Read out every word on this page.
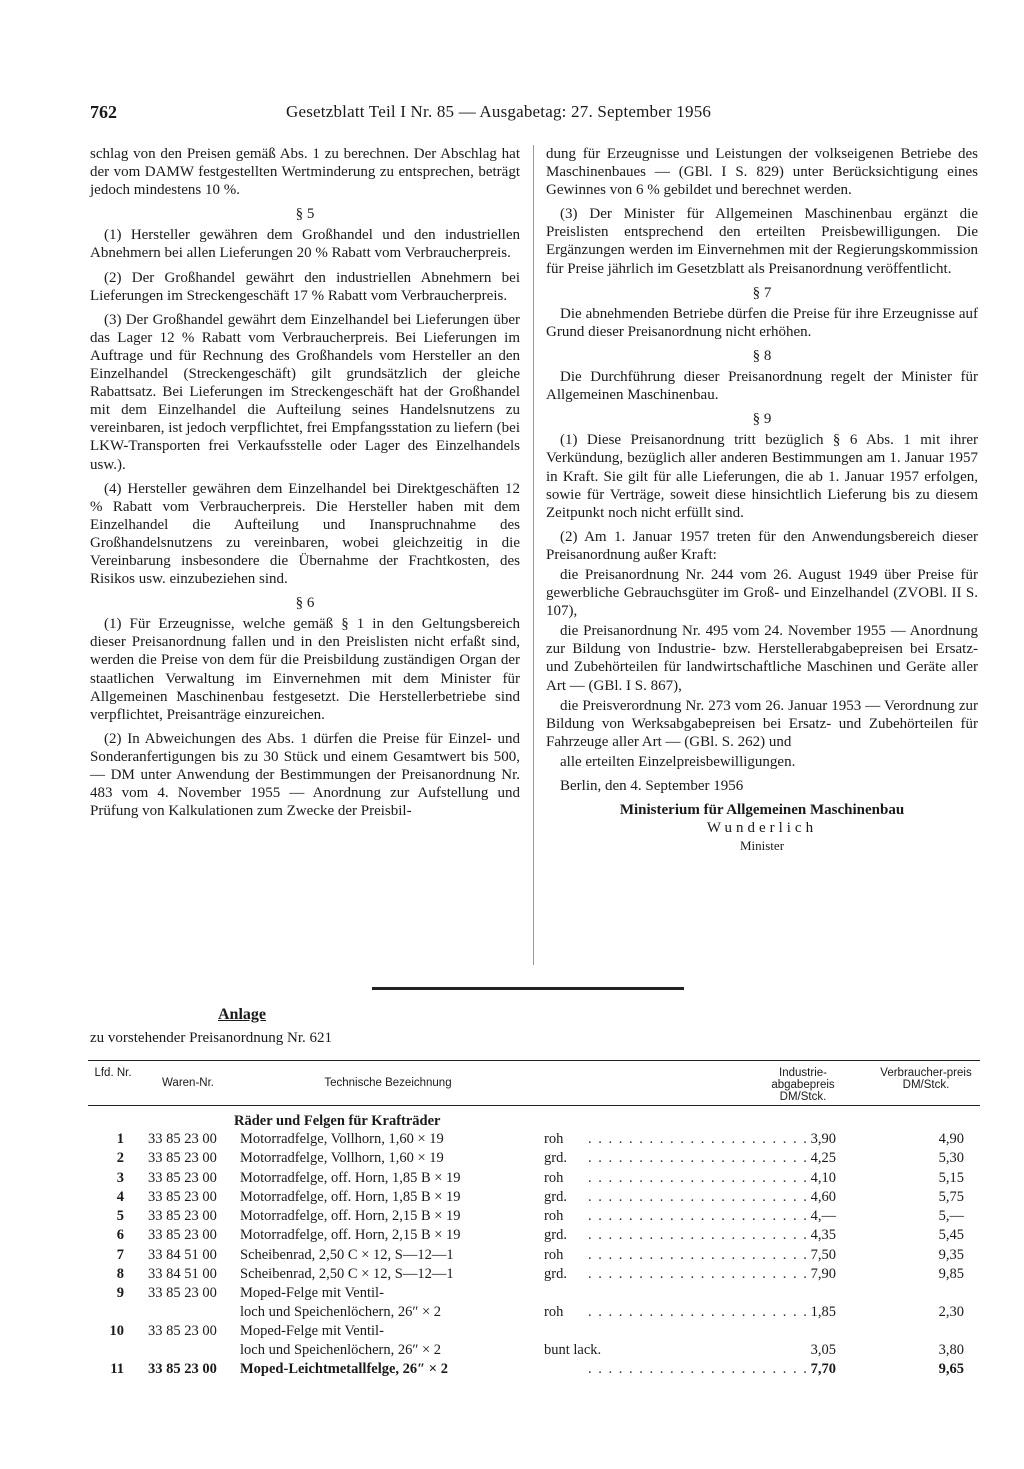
762	Gesetzblatt Teil I Nr. 85 — Ausgabetag: 27. September 1956

schlag von den Preisen gemäß Abs. 1 zu berechnen. Der Abschlag hat der vom DAMW festgestellten Wertminderung zu entsprechen, beträgt jedoch mindestens 10 %.

§ 5

(1) Hersteller gewähren dem Großhandel und den industriellen Abnehmern bei allen Lieferungen 20 % Rabatt vom Verbraucherpreis.

(2) Der Großhandel gewährt den industriellen Abnehmern bei Lieferungen im Streckengeschäft 17 % Rabatt vom Verbraucherpreis.

(3) Der Großhandel gewährt dem Einzelhandel bei Lieferungen über das Lager 12 % Rabatt vom Verbraucherpreis. Bei Lieferungen im Auftrage und für Rechnung des Großhandels vom Hersteller an den Einzelhandel (Streckengeschäft) gilt grundsätzlich der gleiche Rabattsatz. Bei Lieferungen im Streckengeschäft hat der Großhandel mit dem Einzelhandel die Aufteilung seines Handelsnutzens zu vereinbaren, ist jedoch verpflichtet, frei Empfangsstation zu liefern (bei LKW-Transporten frei Verkaufsstelle oder Lager des Einzelhandels usw.).

(4) Hersteller gewähren dem Einzelhandel bei Direktgeschäften 12 % Rabatt vom Verbraucherpreis. Die Hersteller haben mit dem Einzelhandel die Aufteilung und Inanspruchnahme des Großhandelsnutzens zu vereinbaren, wobei gleichzeitig in die Vereinbarung insbesondere die Übernahme der Frachtkosten, des Risikos usw. einzubeziehen sind.

§ 6

(1) Für Erzeugnisse, welche gemäß § 1 in den Geltungsbereich dieser Preisanordnung fallen und in den Preislisten nicht erfaßt sind, werden die Preise von dem für die Preisbildung zuständigen Organ der staatlichen Verwaltung im Einvernehmen mit dem Minister für Allgemeinen Maschinenbau festgesetzt. Die Herstellerbetriebe sind verpflichtet, Preisanträge einzureichen.

(2) In Abweichungen des Abs. 1 dürfen die Preise für Einzel- und Sonderanfertigungen bis zu 30 Stück und einem Gesamtwert bis 500,— DM unter Anwendung der Bestimmungen der Preisanordnung Nr. 483 vom 4. November 1955 — Anordnung zur Aufstellung und Prüfung von Kalkulationen zum Zwecke der Preisbil-

dung für Erzeugnisse und Leistungen der volkseigenen Betriebe des Maschinenbaues — (GBl. I S. 829) unter Berücksichtigung eines Gewinnes von 6 % gebildet und berechnet werden.

(3) Der Minister für Allgemeinen Maschinenbau ergänzt die Preislisten entsprechend den erteilten Preisbewilligungen. Die Ergänzungen werden im Einvernehmen mit der Regierungskommission für Preise jährlich im Gesetzblatt als Preisanordnung veröffentlicht.

§ 7

Die abnehmenden Betriebe dürfen die Preise für ihre Erzeugnisse auf Grund dieser Preisanordnung nicht erhöhen.

§ 8

Die Durchführung dieser Preisanordnung regelt der Minister für Allgemeinen Maschinenbau.

§ 9

(1) Diese Preisanordnung tritt bezüglich § 6 Abs. 1 mit ihrer Verkündung, bezüglich aller anderen Bestimmungen am 1. Januar 1957 in Kraft. Sie gilt für alle Lieferungen, die ab 1. Januar 1957 erfolgen, sowie für Verträge, soweit diese hinsichtlich Lieferung bis zu diesem Zeitpunkt noch nicht erfüllt sind.

(2) Am 1. Januar 1957 treten für den Anwendungsbereich dieser Preisanordnung außer Kraft:

die Preisanordnung Nr. 244 vom 26. August 1949 über Preise für gewerbliche Gebrauchsgüter im Groß- und Einzelhandel (ZVOBl. II S. 107),

die Preisanordnung Nr. 495 vom 24. November 1955 — Anordnung zur Bildung von Industrie- bzw. Herstellerabgabepreisen bei Ersatz- und Zubehörteilen für landwirtschaftliche Maschinen und Geräte aller Art — (GBl. I S. 867),

die Preisverordnung Nr. 273 vom 26. Januar 1953 — Verordnung zur Bildung von Werksabgabepreisen bei Ersatz- und Zubehörteilen für Fahrzeuge aller Art — (GBl. S. 262) und

alle erteilten Einzelpreisbewilligungen.

Berlin, den 4. September 1956

Ministerium für Allgemeinen Maschinenbau

Wunderlich

Minister

Anlage
zu vorstehender Preisanordnung Nr. 621
Lfd. Nr.
Waren-Nr.	Technische Bezeichnung
Industrie-abgabepreis DM/Stck.
Verbraucher-preis DM/Stck.
Räder und Felgen für Krafträder
1 33 85 23 00	Motorradfelge, Vollhorn, 1,60 × 19	roh	. . . . . . . . . . . . . . . . . . . . . . 3,90	4,90
2 33 85 23 00	Motorradfelge, Vollhorn, 1,60 × 19	grd.	. . . . . . . . . . . . . . . . . . . . . . 4,25	5,30
3 33 85 23 00	Motorradfelge, off. Horn, 1,85 B × 19	roh	. . . . . . . . . . . . . . . . . . . . . . 4,10	5,15
4 33 85 23 00	Motorradfelge, off. Horn, 1,85 B × 19	grd.	. . . . . . . . . . . . . . . . . . . . . . 4,60	5,75
5 33 85 23 00	Motorradfelge, off. Horn, 2,15 B × 19	roh	. . . . . . . . . . . . . . . . . . . . . . 4,—	5,—
6 33 85 23 00	Motorradfelge, off. Horn, 2,15 B × 19	grd.	. . . . . . . . . . . . . . . . . . . . . . 4,35	5,45
7 33 84 51 00	Scheibenrad, 2,50 C × 12, S—12—1	roh	. . . . . . . . . . . . . . . . . . . . . . 7,50	9,35
8 33 84 51 00	Scheibenrad, 2,50 C × 12, S—12—1	grd.	. . . . . . . . . . . . . . . . . . . . . . 7,90	9,85
9 33 85 23 00	Moped-Felge mit Ventil-
loch und Speichenlöchern, 26″ × 2	roh	. . . . . . . . . . . . . . . . . . . . . . 1,85	2,30
10 33 85 23 00	Moped-Felge mit Ventil-
loch und Speichenlöchern, 26″ × 2	bunt lack.	3,05	3,80
11 33 85 23 00	Moped-Leichtmetallfelge, 26″ × 2	. . . . . . . . . . . . . . . . . . . . . . 7,70	9,65
